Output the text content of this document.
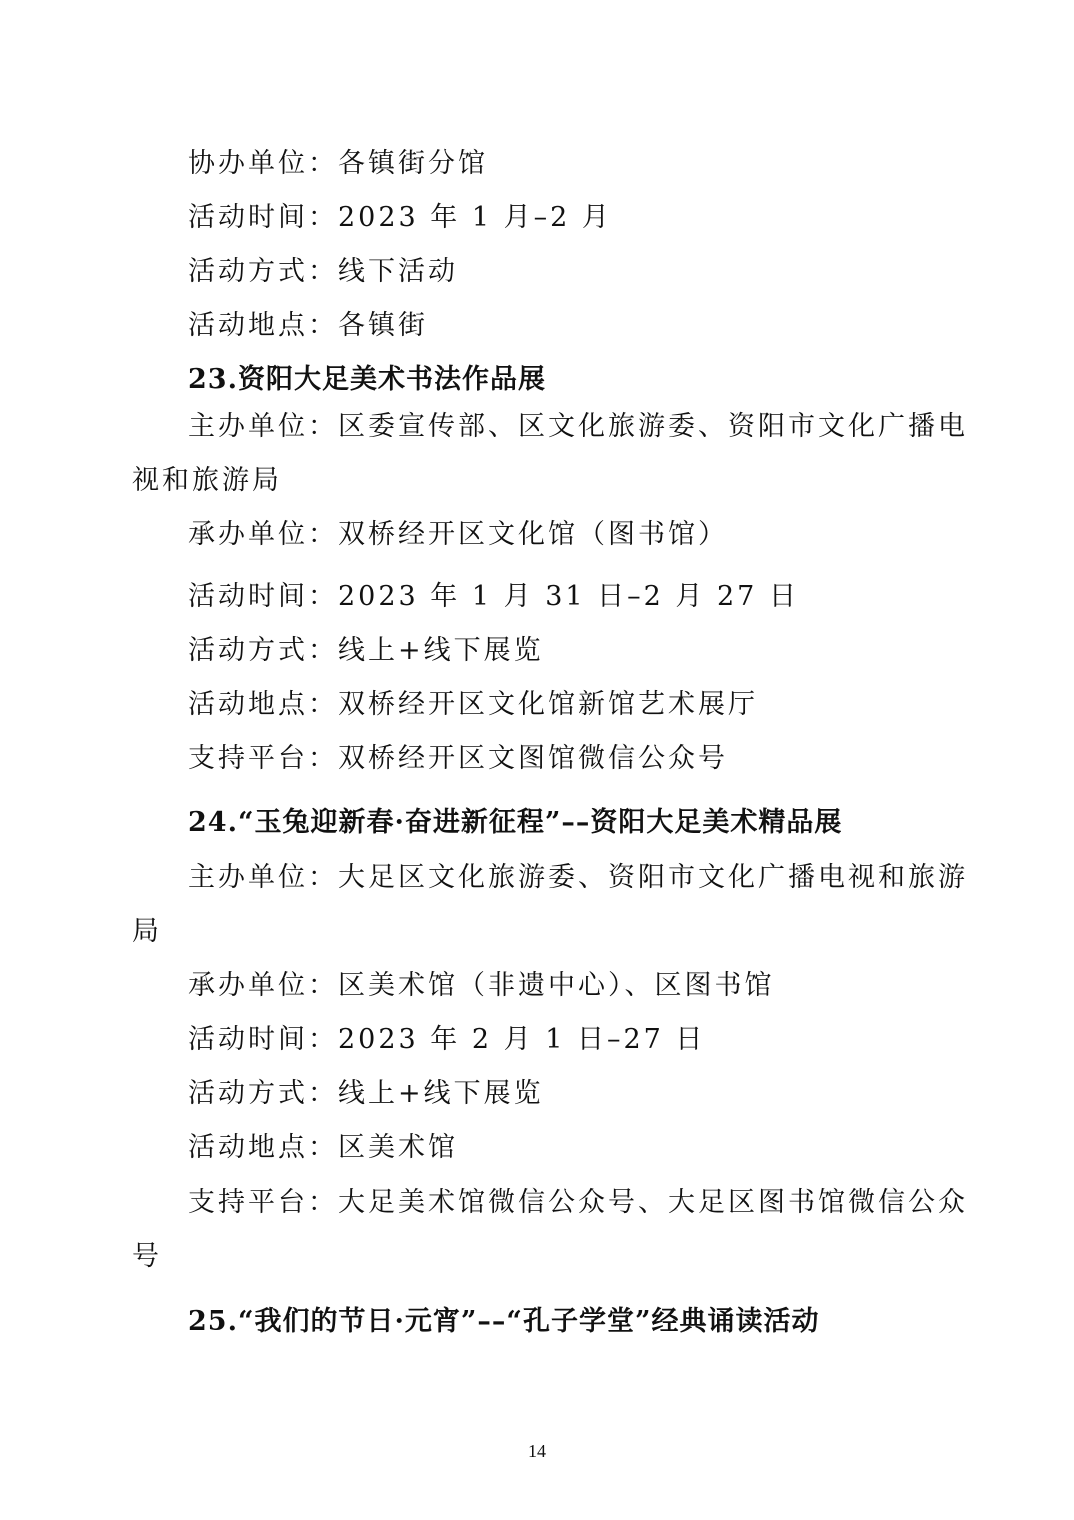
协办单位：各镇街分馆
活动时间：2023 年 1 月–2 月
活动方式：线下活动
活动地点：各镇街
23.资阳大足美术书法作品展
主办单位：区委宣传部、区文化旅游委、资阳市文化广播电
视和旅游局
承办单位：双桥经开区文化馆（图书馆）
活动时间：2023 年 1 月 31 日–2 月 27 日
活动方式：线上+线下展览
活动地点：双桥经开区文化馆新馆艺术展厅
支持平台：双桥经开区文图馆微信公众号
24.“玉兔迎新春·奋进新征程”––资阳大足美术精品展
主办单位：大足区文化旅游委、资阳市文化广播电视和旅游
局
承办单位：区美术馆（非遗中心）、区图书馆
活动时间：2023 年 2 月 1 日–27 日
活动方式：线上+线下展览
活动地点：区美术馆
支持平台：大足美术馆微信公众号、大足区图书馆微信公众
号
25.“我们的节日·元宵”––“孔子学堂”经典诵读活动
14
